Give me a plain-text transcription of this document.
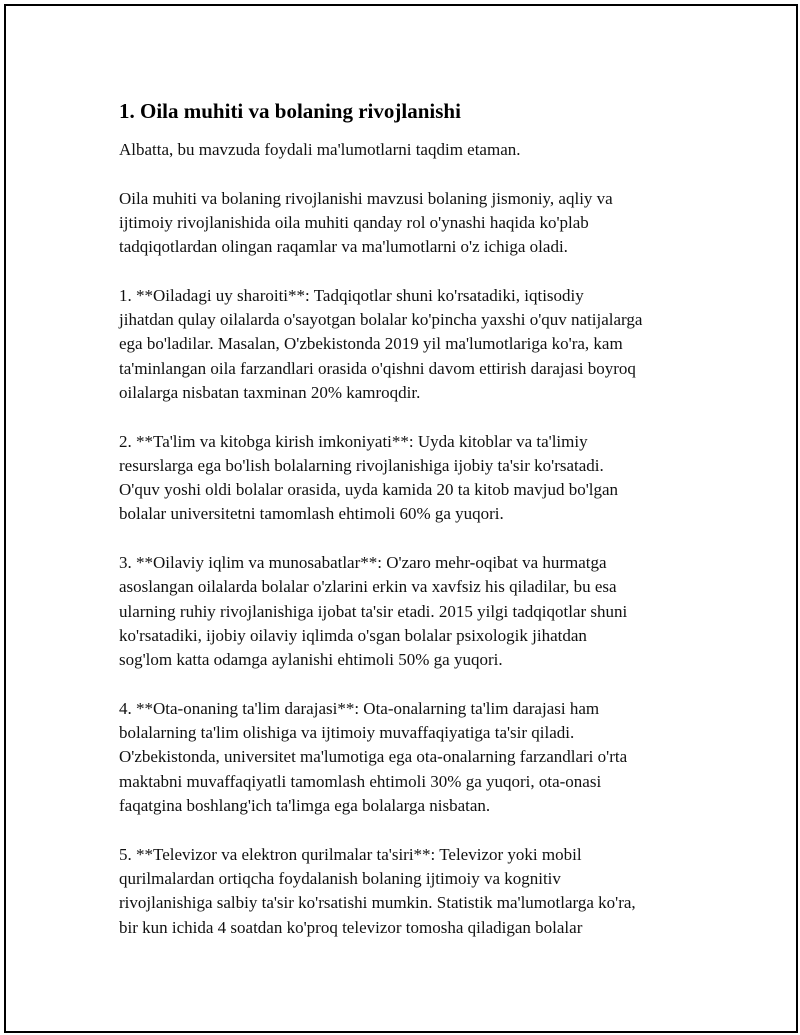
1. Oila muhiti va bolaning rivojlanishi

Albatta, bu mavzuda foydali ma'lumotlarni taqdim etaman.

Oila muhiti va bolaning rivojlanishi mavzusi bolaning jismoniy, aqliy va
ijtimoiy rivojlanishida oila muhiti qanday rol o'ynashi haqida ko'plab
tadqiqotlardan olingan raqamlar va ma'lumotlarni o'z ichiga oladi.

1. **Oiladagi uy sharoiti**: Tadqiqotlar shuni ko'rsatadiki, iqtisodiy
jihatdan qulay oilalarda o'sayotgan bolalar ko'pincha yaxshi o'quv natijalarga
ega bo'ladilar. Masalan, O'zbekistonda 2019 yil ma'lumotlariga ko'ra, kam
ta'minlangan oila farzandlari orasida o'qishni davom ettirish darajasi boyroq
oilalarga nisbatan taxminan 20% kamroqdir.

2. **Ta'lim va kitobga kirish imkoniyati**: Uyda kitoblar va ta'limiy
resurslarga ega bo'lish bolalarning rivojlanishiga ijobiy ta'sir ko'rsatadi.
O'quv yoshi oldi bolalar orasida, uyda kamida 20 ta kitob mavjud bo'lgan
bolalar universitetni tamomlash ehtimoli 60% ga yuqori.

3. **Oilaviy iqlim va munosabatlar**: O'zaro mehr-oqibat va hurmatga
asoslangan oilalarda bolalar o'zlarini erkin va xavfsiz his qiladilar, bu esa
ularning ruhiy rivojlanishiga ijobat ta'sir etadi. 2015 yilgi tadqiqotlar shuni
ko'rsatadiki, ijobiy oilaviy iqlimda o'sgan bolalar psixologik jihatdan
sog'lom katta odamga aylanishi ehtimoli 50% ga yuqori.

4. **Ota-onaning ta'lim darajasi**: Ota-onalarning ta'lim darajasi ham
bolalarning ta'lim olishiga va ijtimoiy muvaffaqiyatiga ta'sir qiladi.
O'zbekistonda, universitet ma'lumotiga ega ota-onalarning farzandlari o'rta
maktabni muvaffaqiyatli tamomlash ehtimoli 30% ga yuqori, ota-onasi
faqatgina boshlang'ich ta'limga ega bolalarga nisbatan.

5. **Televizor va elektron qurilmalar ta'siri**: Televizor yoki mobil
qurilmalardan ortiqcha foydalanish bolaning ijtimoiy va kognitiv
rivojlanishiga salbiy ta'sir ko'rsatishi mumkin. Statistik ma'lumotlarga ko'ra,
bir kun ichida 4 soatdan ko'proq televizor tomosha qiladigan bolalar
